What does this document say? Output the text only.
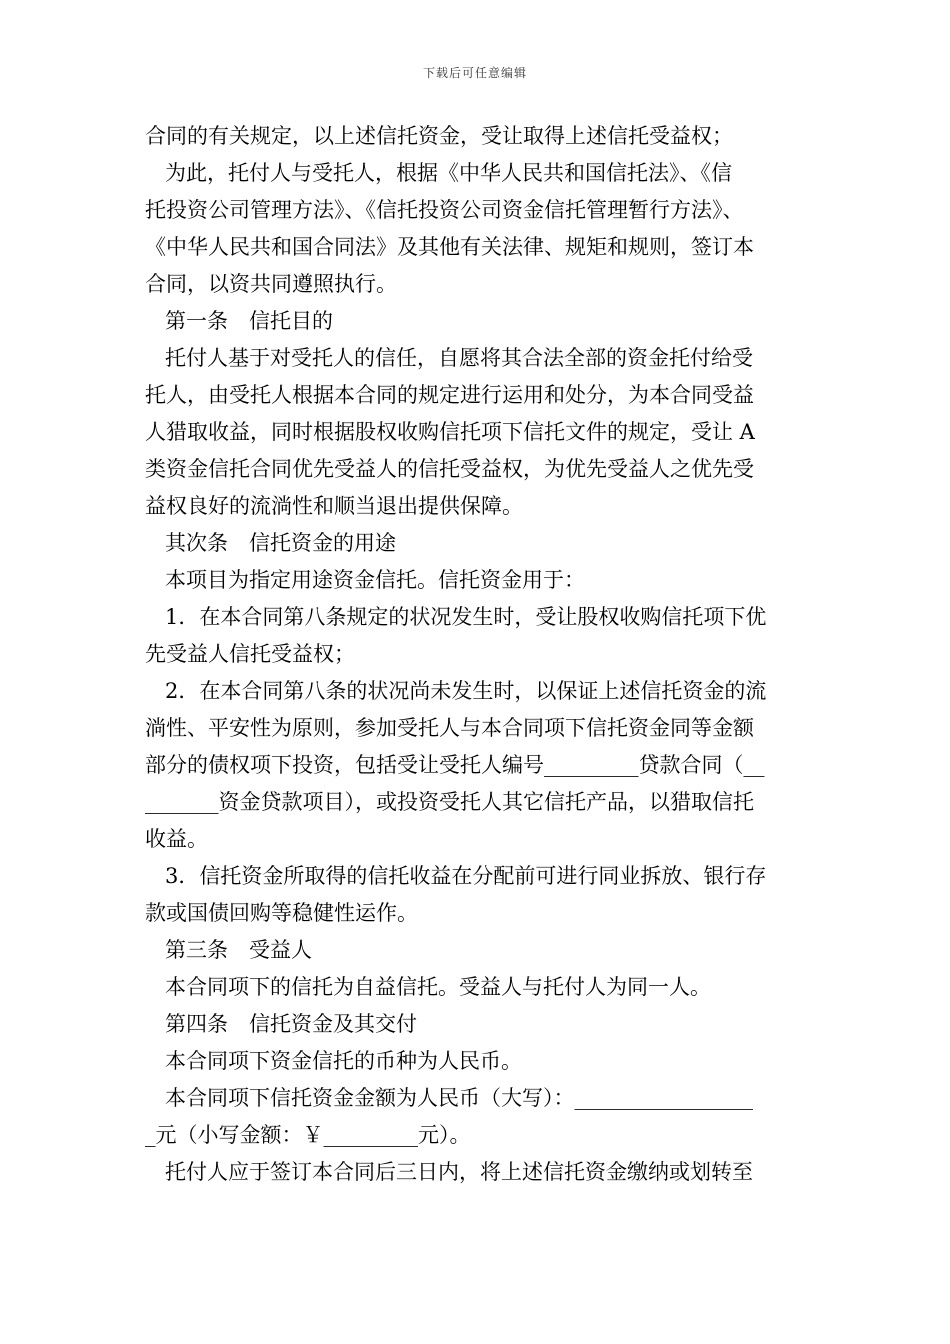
下载后可任意编辑
合同的有关规定，以上述信托资金，受让取得上述信托受益权；
为此，托付人与受托人，根据《中华人民共和国信托法》、《信
托投资公司管理方法》、《信托投资公司资金信托管理暂行方法》、
《中华人民共和国合同法》及其他有关法律、规矩和规则，签订本
合同，以资共同遵照执行。
第一条　信托目的
托付人基于对受托人的信任，自愿将其合法全部的资金托付给受
托人，由受托人根据本合同的规定进行运用和处分，为本合同受益
人猎取收益，同时根据股权收购信托项下信托文件的规定，受让 A
类资金信托合同优先受益人的信托受益权，为优先受益人之优先受
益权良好的流淌性和顺当退出提供保障。
其次条　信托资金的用途
本项目为指定用途资金信托。信托资金用于：
1．在本合同第八条规定的状况发生时，受让股权收购信托项下优
先受益人信托受益权；
2．在本合同第八条的状况尚未发生时，以保证上述信托资金的流
淌性、平安性为原则，参加受托人与本合同项下信托资金同等金额
部分的债权项下投资，包括受让受托人编号_________贷款合同（__
_______资金贷款项目），或投资受托人其它信托产品，以猎取信托
收益。
3．信托资金所取得的信托收益在分配前可进行同业拆放、银行存
款或国债回购等稳健性运作。
第三条　受益人
本合同项下的信托为自益信托。受益人与托付人为同一人。
第四条　信托资金及其交付
本合同项下资金信托的币种为人民币。
本合同项下信托资金金额为人民币（大写）：_________________
_元（小写金额：￥_________元）。
托付人应于签订本合同后三日内，将上述信托资金缴纳或划转至
